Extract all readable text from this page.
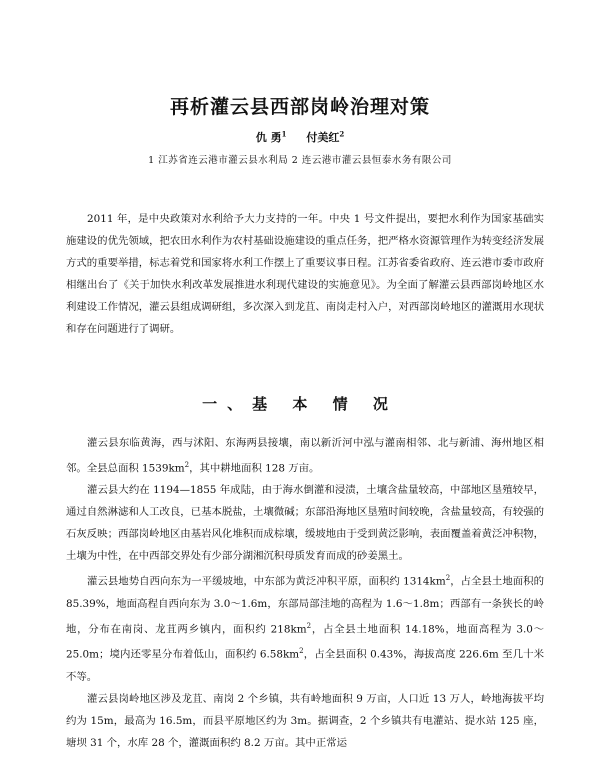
再析灌云县西部岗岭治理对策
仇 勇$^1$ 付美红$^2$
1 江苏省连云港市灌云县水利局 2 连云港市灌云县恒泰水务有限公司

2011 年，是中央政策对水利给予大力支持的一年。中央 1 号文件提出，要把水利作为国家基础实施建设的优先领域，把农田水利作为农村基础设施建设的重点任务，把严格水资源管理作为转变经济发展方式的重要举措，标志着党和国家将水利工作摆上了重要议事日程。江苏省委省政府、连云港市委市政府相继出台了《关于加快水利改革发展推进水利现代建设的实施意见》。为全面了解灌云县西部岗岭地区水利建设工作情况，灌云县组成调研组，多次深入到龙苴、南岗走村入户，对西部岗岭地区的灌溉用水现状和存在问题进行了调研。

一、基 本 情 况

灌云县东临黄海，西与沭阳、东海两县接壤，南以新沂河中泓与灌南相邻、北与新浦、海州地区相邻。全县总面积 $1539km^2$，其中耕地面积 128 万亩。

灌云县大约在 1194—1855 年成陆，由于海水倒灌和浸渍，土壤含盐量较高，中部地区垦殖较早，通过自然淋滤和人工改良，已基本脱盐，土壤微碱；东部沿海地区垦殖时间较晚，含盐量较高，有较强的石灰反映；西部岗岭地区由基岩风化堆积而成棕壤，缓坡地由于受到黄泛影响，表面覆盖着黄泛冲积物，土壤为中性，在中西部交界处有少部分湖湘沉积母质发育而成的砂姜黑土。

灌云县地势自西向东为一平缓坡地，中东部为黄泛冲积平原，面积约 $1314km^2$，占全县土地面积的 85.39%，地面高程自西向东为 3.0～1.6m，东部局部洼地的高程为 1.6～1.8m；西部有一条狭长的岭地，分布在南岗、龙苴两乡镇内，面积约 $218km^2$，占全县土地面积 14.18%，地面高程为 3.0～25.0m；境内还零星分布着低山，面积约 $6.58km^2$，占全县面积 0.43%，海拔高度 226.6m 至几十米不等。

灌云县岗岭地区涉及龙苴、南岗 2 个乡镇，共有岭地面积 9 万亩，人口近 13 万人，岭地海拔平均约为 15m，最高为 16.5m，而县平原地区约为 3m。据调查，2 个乡镇共有电灌站、提水站 125 座，塘坝 31 个，水库 28 个，灌溉面积约 8.2 万亩。其中正常运
